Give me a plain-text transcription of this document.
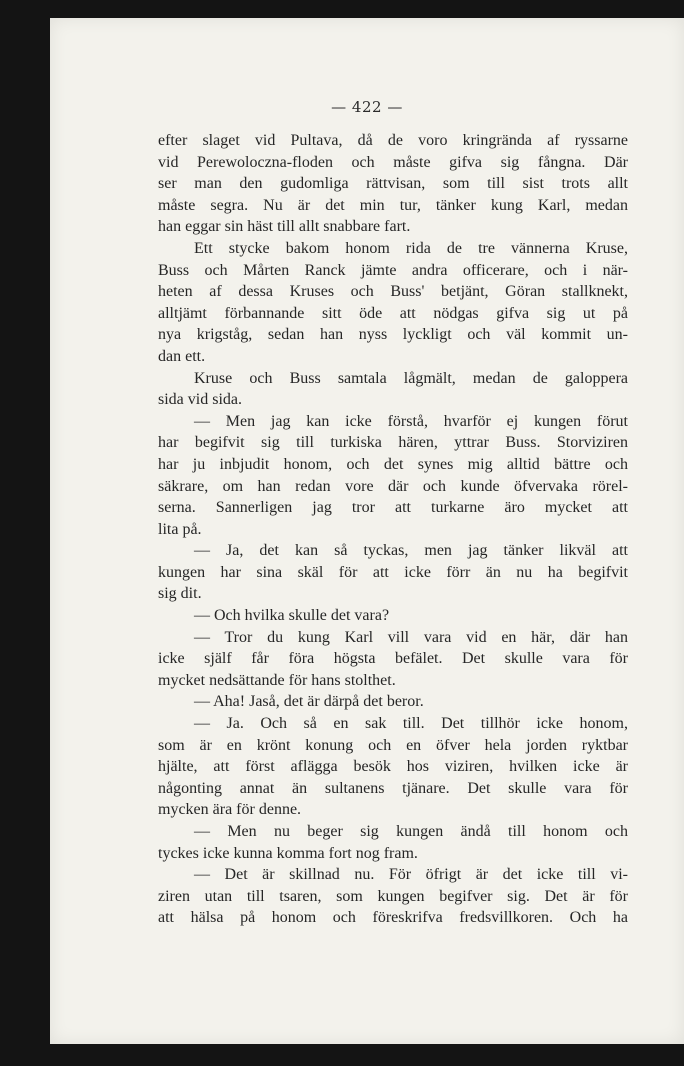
— 422 —
efter slaget vid Pultava, då de voro kringrända af ryssarne
vid Perewoloczna-floden och måste gifva sig fångna. Där
ser man den gudomliga rättvisan, som till sist trots allt
måste segra. Nu är det min tur, tänker kung Karl, medan
han eggar sin häst till allt snabbare fart.
Ett stycke bakom honom rida de tre vännerna Kruse,
Buss och Mårten Ranck jämte andra officerare, och i när-
heten af dessa Kruses och Buss' betjänt, Göran stallknekt,
alltjämt förbannande sitt öde att nödgas gifva sig ut på
nya krigståg, sedan han nyss lyckligt och väl kommit un-
dan ett.
Kruse och Buss samtala lågmält, medan de galoppera
sida vid sida.
— Men jag kan icke förstå, hvarför ej kungen förut
har begifvit sig till turkiska hären, yttrar Buss. Storviziren
har ju inbjudit honom, och det synes mig alltid bättre och
säkrare, om han redan vore där och kunde öfvervaka rörel-
serna. Sannerligen jag tror att turkarne äro mycket att
lita på.
— Ja, det kan så tyckas, men jag tänker likväl att
kungen har sina skäl för att icke förr än nu ha begifvit
sig dit.
— Och hvilka skulle det vara?
— Tror du kung Karl vill vara vid en här, där han
icke själf får föra högsta befälet. Det skulle vara för
mycket nedsättande för hans stolthet.
— Aha! Jaså, det är därpå det beror.
— Ja. Och så en sak till. Det tillhör icke honom,
som är en krönt konung och en öfver hela jorden ryktbar
hjälte, att först aflägga besök hos viziren, hvilken icke är
någonting annat än sultanens tjänare. Det skulle vara för
mycken ära för denne.
— Men nu beger sig kungen ändå till honom och
tyckes icke kunna komma fort nog fram.
— Det är skillnad nu. För öfrigt är det icke till vi-
ziren utan till tsaren, som kungen begifver sig. Det är för
att hälsa på honom och föreskrifva fredsvillkoren. Och ha
